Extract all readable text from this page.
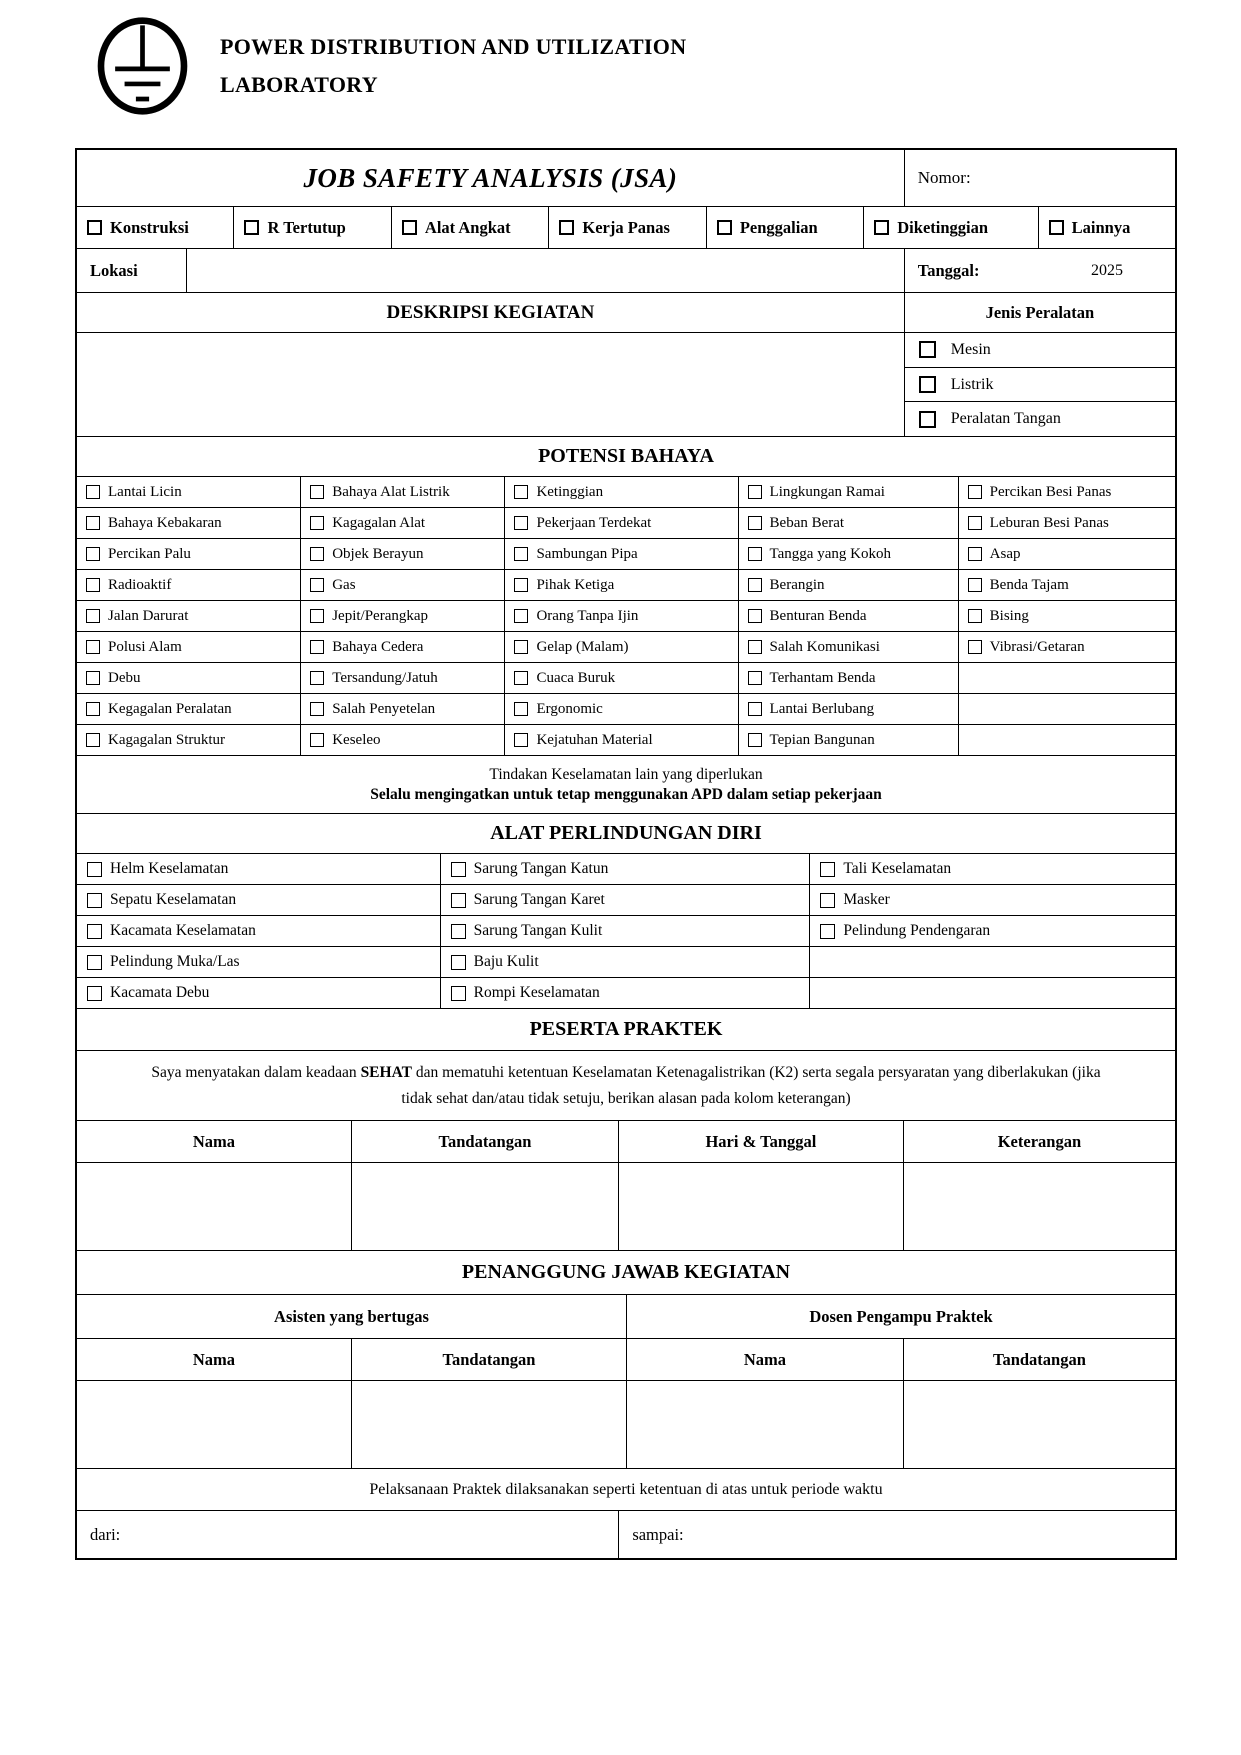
POWER DISTRIBUTION AND UTILIZATION
LABORATORY
JOB SAFETY ANALYSIS (JSA)	Nomor:
Konstruksi	R Tertutup	Alat Angkat	Kerja Panas	Penggalian	Diketinggian	Lainnya
Lokasi	Tanggal:	2025
DESKRIPSI KEGIATAN	Jenis Peralatan
Mesin
Listrik
Peralatan Tangan
POTENSI BAHAYA
Lantai Licin	Bahaya Alat Listrik	Ketinggian	Lingkungan Ramai	Percikan Besi Panas
Bahaya Kebakaran	Kagagalan Alat	Pekerjaan Terdekat	Beban Berat	Leburan Besi Panas
Percikan Palu	Objek Berayun	Sambungan Pipa	Tangga yang Kokoh	Asap
Radioaktif	Gas	Pihak Ketiga	Berangin	Benda Tajam
Jalan Darurat	Jepit/Perangkap	Orang Tanpa Ijin	Benturan Benda	Bising
Polusi Alam	Bahaya Cedera	Gelap (Malam)	Salah Komunikasi	Vibrasi/Getaran
Debu	Tersandung/Jatuh	Cuaca Buruk	Terhantam Benda
Kegagalan Peralatan	Salah Penyetelan	Ergonomic	Lantai Berlubang
Kagagalan Struktur	Keseleo	Kejatuhan Material	Tepian Bangunan
Tindakan Keselamatan lain yang diperlukan
Selalu mengingatkan untuk tetap menggunakan APD dalam setiap pekerjaan
ALAT PERLINDUNGAN DIRI
Helm Keselamatan	Sarung Tangan Katun	Tali Keselamatan
Sepatu Keselamatan	Sarung Tangan Karet	Masker
Kacamata Keselamatan	Sarung Tangan Kulit	Pelindung Pendengaran
Pelindung Muka/Las	Baju Kulit
Kacamata Debu	Rompi Keselamatan
PESERTA PRAKTEK
Saya menyatakan dalam keadaan SEHAT dan mematuhi ketentuan Keselamatan Ketenagalistrikan (K2) serta segala persyaratan yang diberlakukan (jika tidak sehat dan/atau tidak setuju, berikan alasan pada kolom keterangan)
Nama	Tandatangan	Hari & Tanggal	Keterangan
PENANGGUNG JAWAB KEGIATAN
Asisten yang bertugas	Dosen Pengampu Praktek
Nama	Tandatangan	Nama	Tandatangan
Pelaksanaan Praktek dilaksanakan seperti ketentuan di atas untuk periode waktu
dari:	sampai:
